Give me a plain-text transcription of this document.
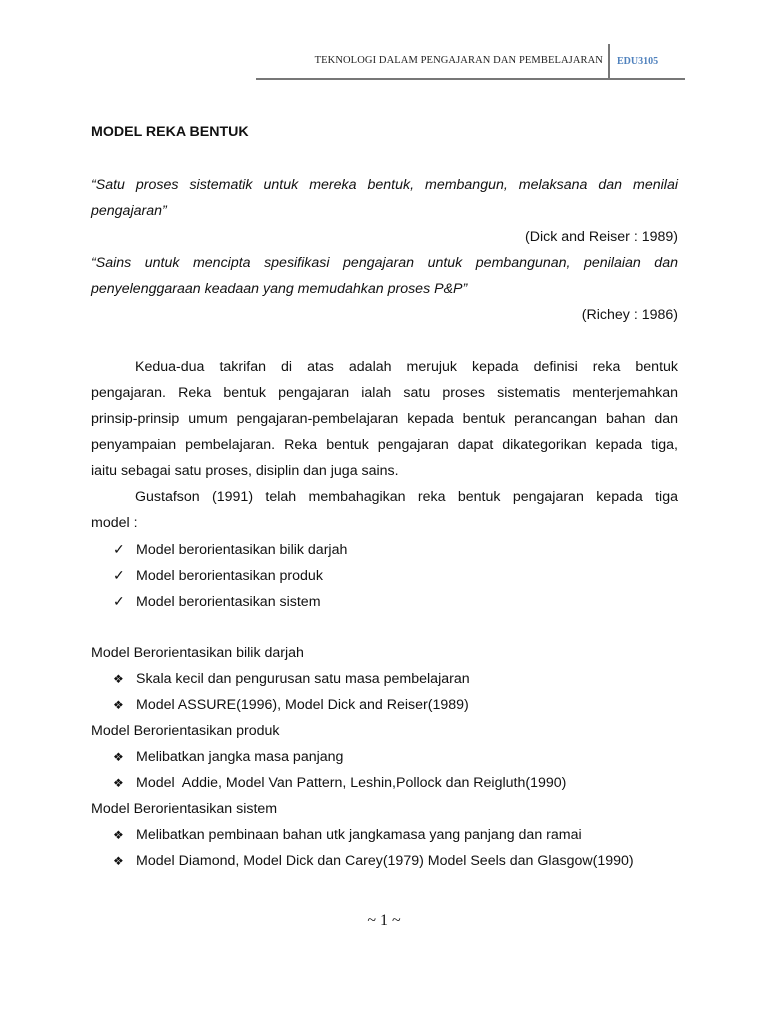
TEKNOLOGI DALAM PENGAJARAN DAN PEMBELAJARAN EDU3105
MODEL REKA BENTUK
“Satu proses sistematik untuk mereka bentuk, membangun, melaksana dan menilai
pengajaran”
(Dick and Reiser : 1989)
“Sains untuk mencipta spesifikasi pengajaran untuk pembangunan, penilaian dan
penyelenggaraan keadaan yang memudahkan proses P&P”
(Richey : 1986)
Kedua-dua takrifan di atas adalah merujuk kepada definisi reka bentuk
pengajaran. Reka bentuk pengajaran ialah satu proses sistematis menterjemahkan
prinsip-prinsip umum pengajaran-pembelajaran kepada bentuk perancangan bahan dan
penyampaian pembelajaran. Reka bentuk pengajaran dapat dikategorikan kepada tiga,
iaitu sebagai satu proses, disiplin dan juga sains.
Gustafson (1991) telah membahagikan reka bentuk pengajaran kepada tiga
model :
✓ Model berorientasikan bilik darjah
✓ Model berorientasikan produk
✓ Model berorientasikan sistem
Model Berorientasikan bilik darjah
❖ Skala kecil dan pengurusan satu masa pembelajaran
❖ Model ASSURE(1996), Model Dick and Reiser(1989)
Model Berorientasikan produk
❖ Melibatkan jangka masa panjang
❖ Model  Addie, Model Van Pattern, Leshin,Pollock dan Reigluth(1990)
Model Berorientasikan sistem
❖ Melibatkan pembinaan bahan utk jangkamasa yang panjang dan ramai
❖ Model Diamond, Model Dick dan Carey(1979) Model Seels dan Glasgow(1990)
~ 1 ~
